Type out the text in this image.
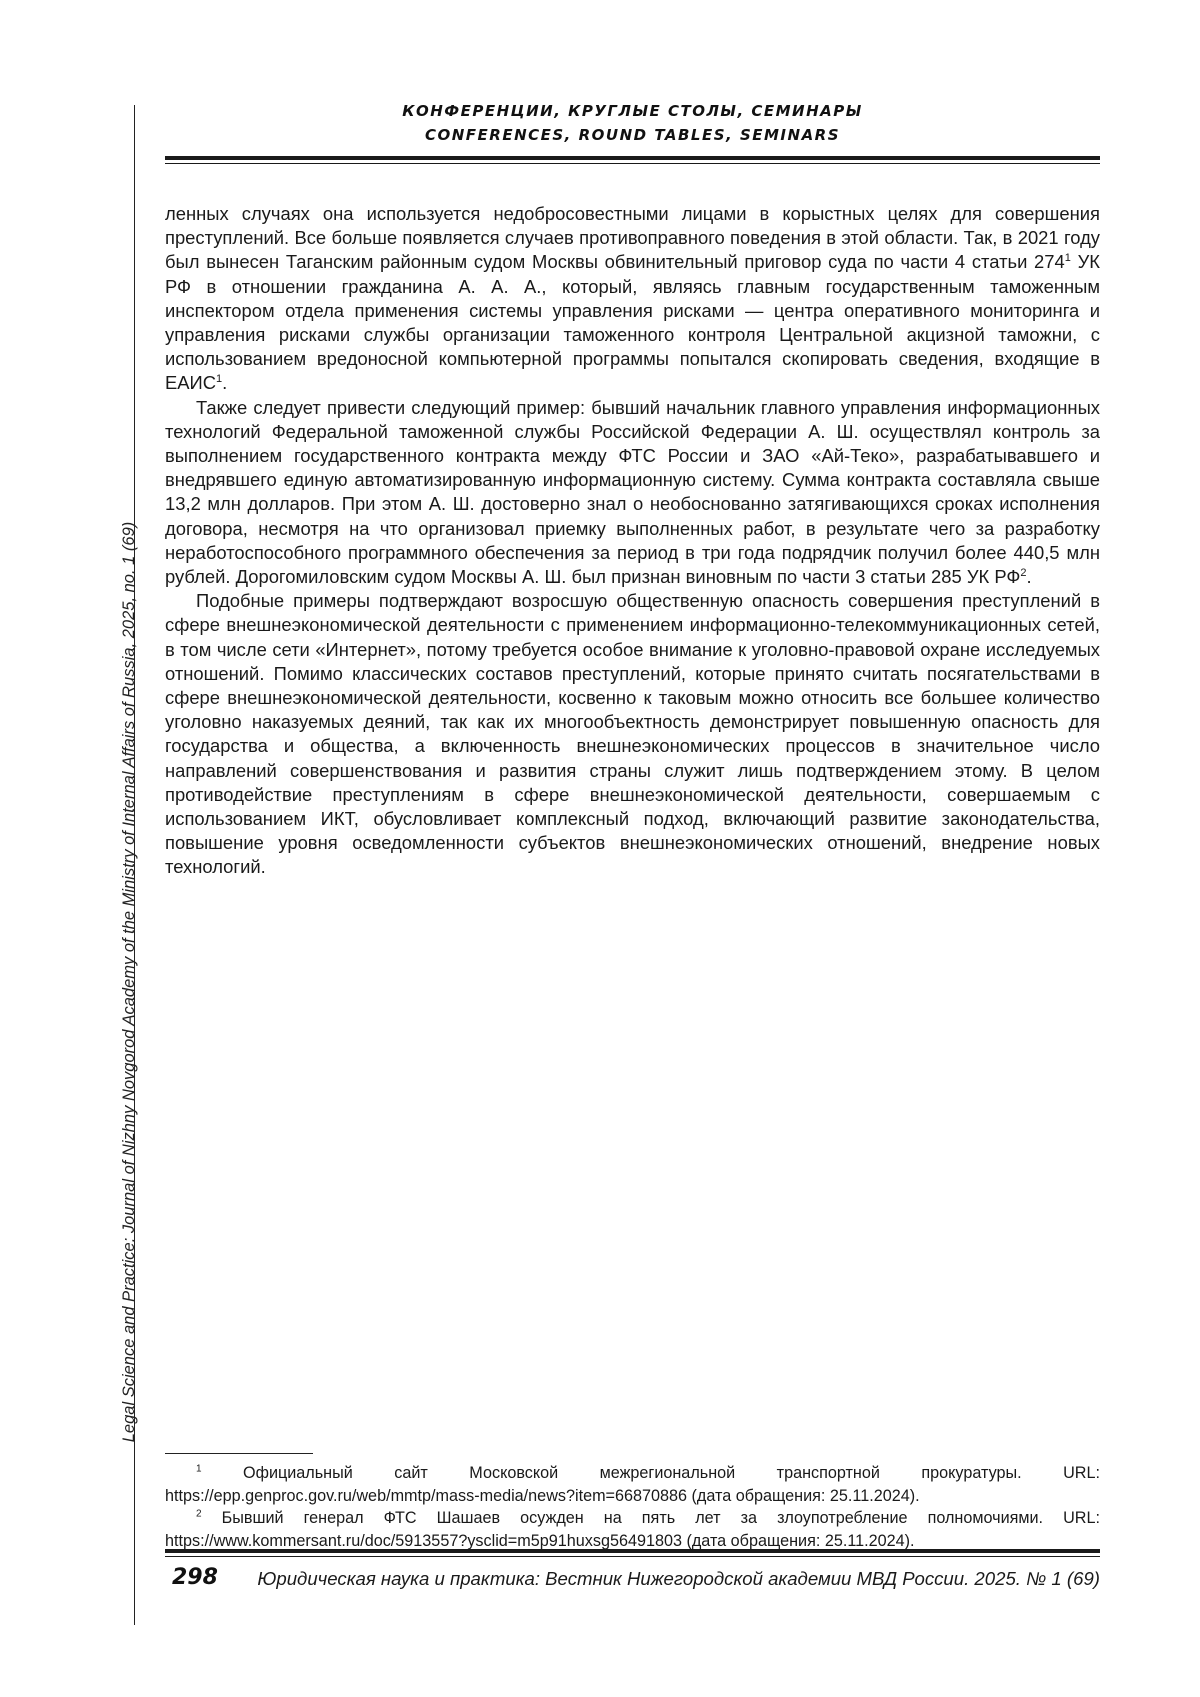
Legal Science and Practice: Journal of Nizhny Novgorod Academy of the Ministry of Internal Affairs of Russia, 2025, no. 1 (69)
КОНФЕРЕНЦИИ, КРУГЛЫЕ СТОЛЫ, СЕМИНАРЫ
CONFERENCES, ROUND TABLES, SEMINARS

ленных случаях она используется недобросовестными лицами в корыстных целях для совершения преступлений. Все больше появляется случаев противоправного поведения в этой области. Так, в 2021 году был вынесен Таганским районным судом Москвы обвинительный приговор суда по части 4 статьи $274^1$ УК РФ в отношении гражданина А. А. А., который, являясь главным государственным таможенным инспектором отдела применения системы управления рисками — центра оперативного мониторинга и управления рисками службы организации таможенного контроля Центральной акцизной таможни, с использованием вредоносной компьютерной программы попытался скопировать сведения, входящие в ЕАИС$^1$.

Также следует привести следующий пример: бывший начальник главного управления информационных технологий Федеральной таможенной службы Российской Федерации А. Ш. осуществлял контроль за выполнением государственного контракта между ФТС России и ЗАО «Ай-Теко», разрабатывавшего и внедрявшего единую автоматизированную информационную систему. Сумма контракта составляла свыше 13,2 млн долларов. При этом А. Ш. достоверно знал о необоснованно затягивающихся сроках исполнения договора, несмотря на что организовал приемку выполненных работ, в результате чего за разработку неработоспособного программного обеспечения за период в три года подрядчик получил более 440,5 млн рублей. Дорогомиловским судом Москвы А. Ш. был признан виновным по части 3 статьи 285 УК $РФ^2$.

Подобные примеры подтверждают возросшую общественную опасность совершения преступлений в сфере внешнеэкономической деятельности с применением информационно-телекоммуникационных сетей, в том числе сети «Интернет», потому требуется особое внимание к уголовно-правовой охране исследуемых отношений. Помимо классических составов преступлений, которые принято считать посягательствами в сфере внешнеэкономической деятельности, косвенно к таковым можно относить все большее количество уголовно наказуемых деяний, так как их многообъектность демонстрирует повышенную опасность для государства и общества, а включенность внешнеэкономических процессов в значительное число направлений совершенствования и развития страны служит лишь подтверждением этому. В целом противодействие преступлениям в сфере внешнеэкономической деятельности, совершаемым с использованием ИКТ, обусловливает комплексный подход, включающий развитие законодательства, повышение уровня осведомленности субъектов внешнеэкономических отношений, внедрение новых технологий.

$^1$ Официальный сайт Московской межрегиональной транспортной прокуратуры. URL: https://epp.genproc.gov.ru/web/mmtp/mass-media/news?item=66870886 (дата обращения: 25.11.2024).

$^2$ Бывший генерал ФТС Шашаев осужден на пять лет за злоупотребление полномочиями. URL: https://www.kommersant.ru/doc/5913557?ysclid=m5p91huxsg56491803 (дата обращения: 25.11.2024).

298 Юридическая наука и практика: Вестник Нижегородской академии МВД России. 2025. № 1 (69)
